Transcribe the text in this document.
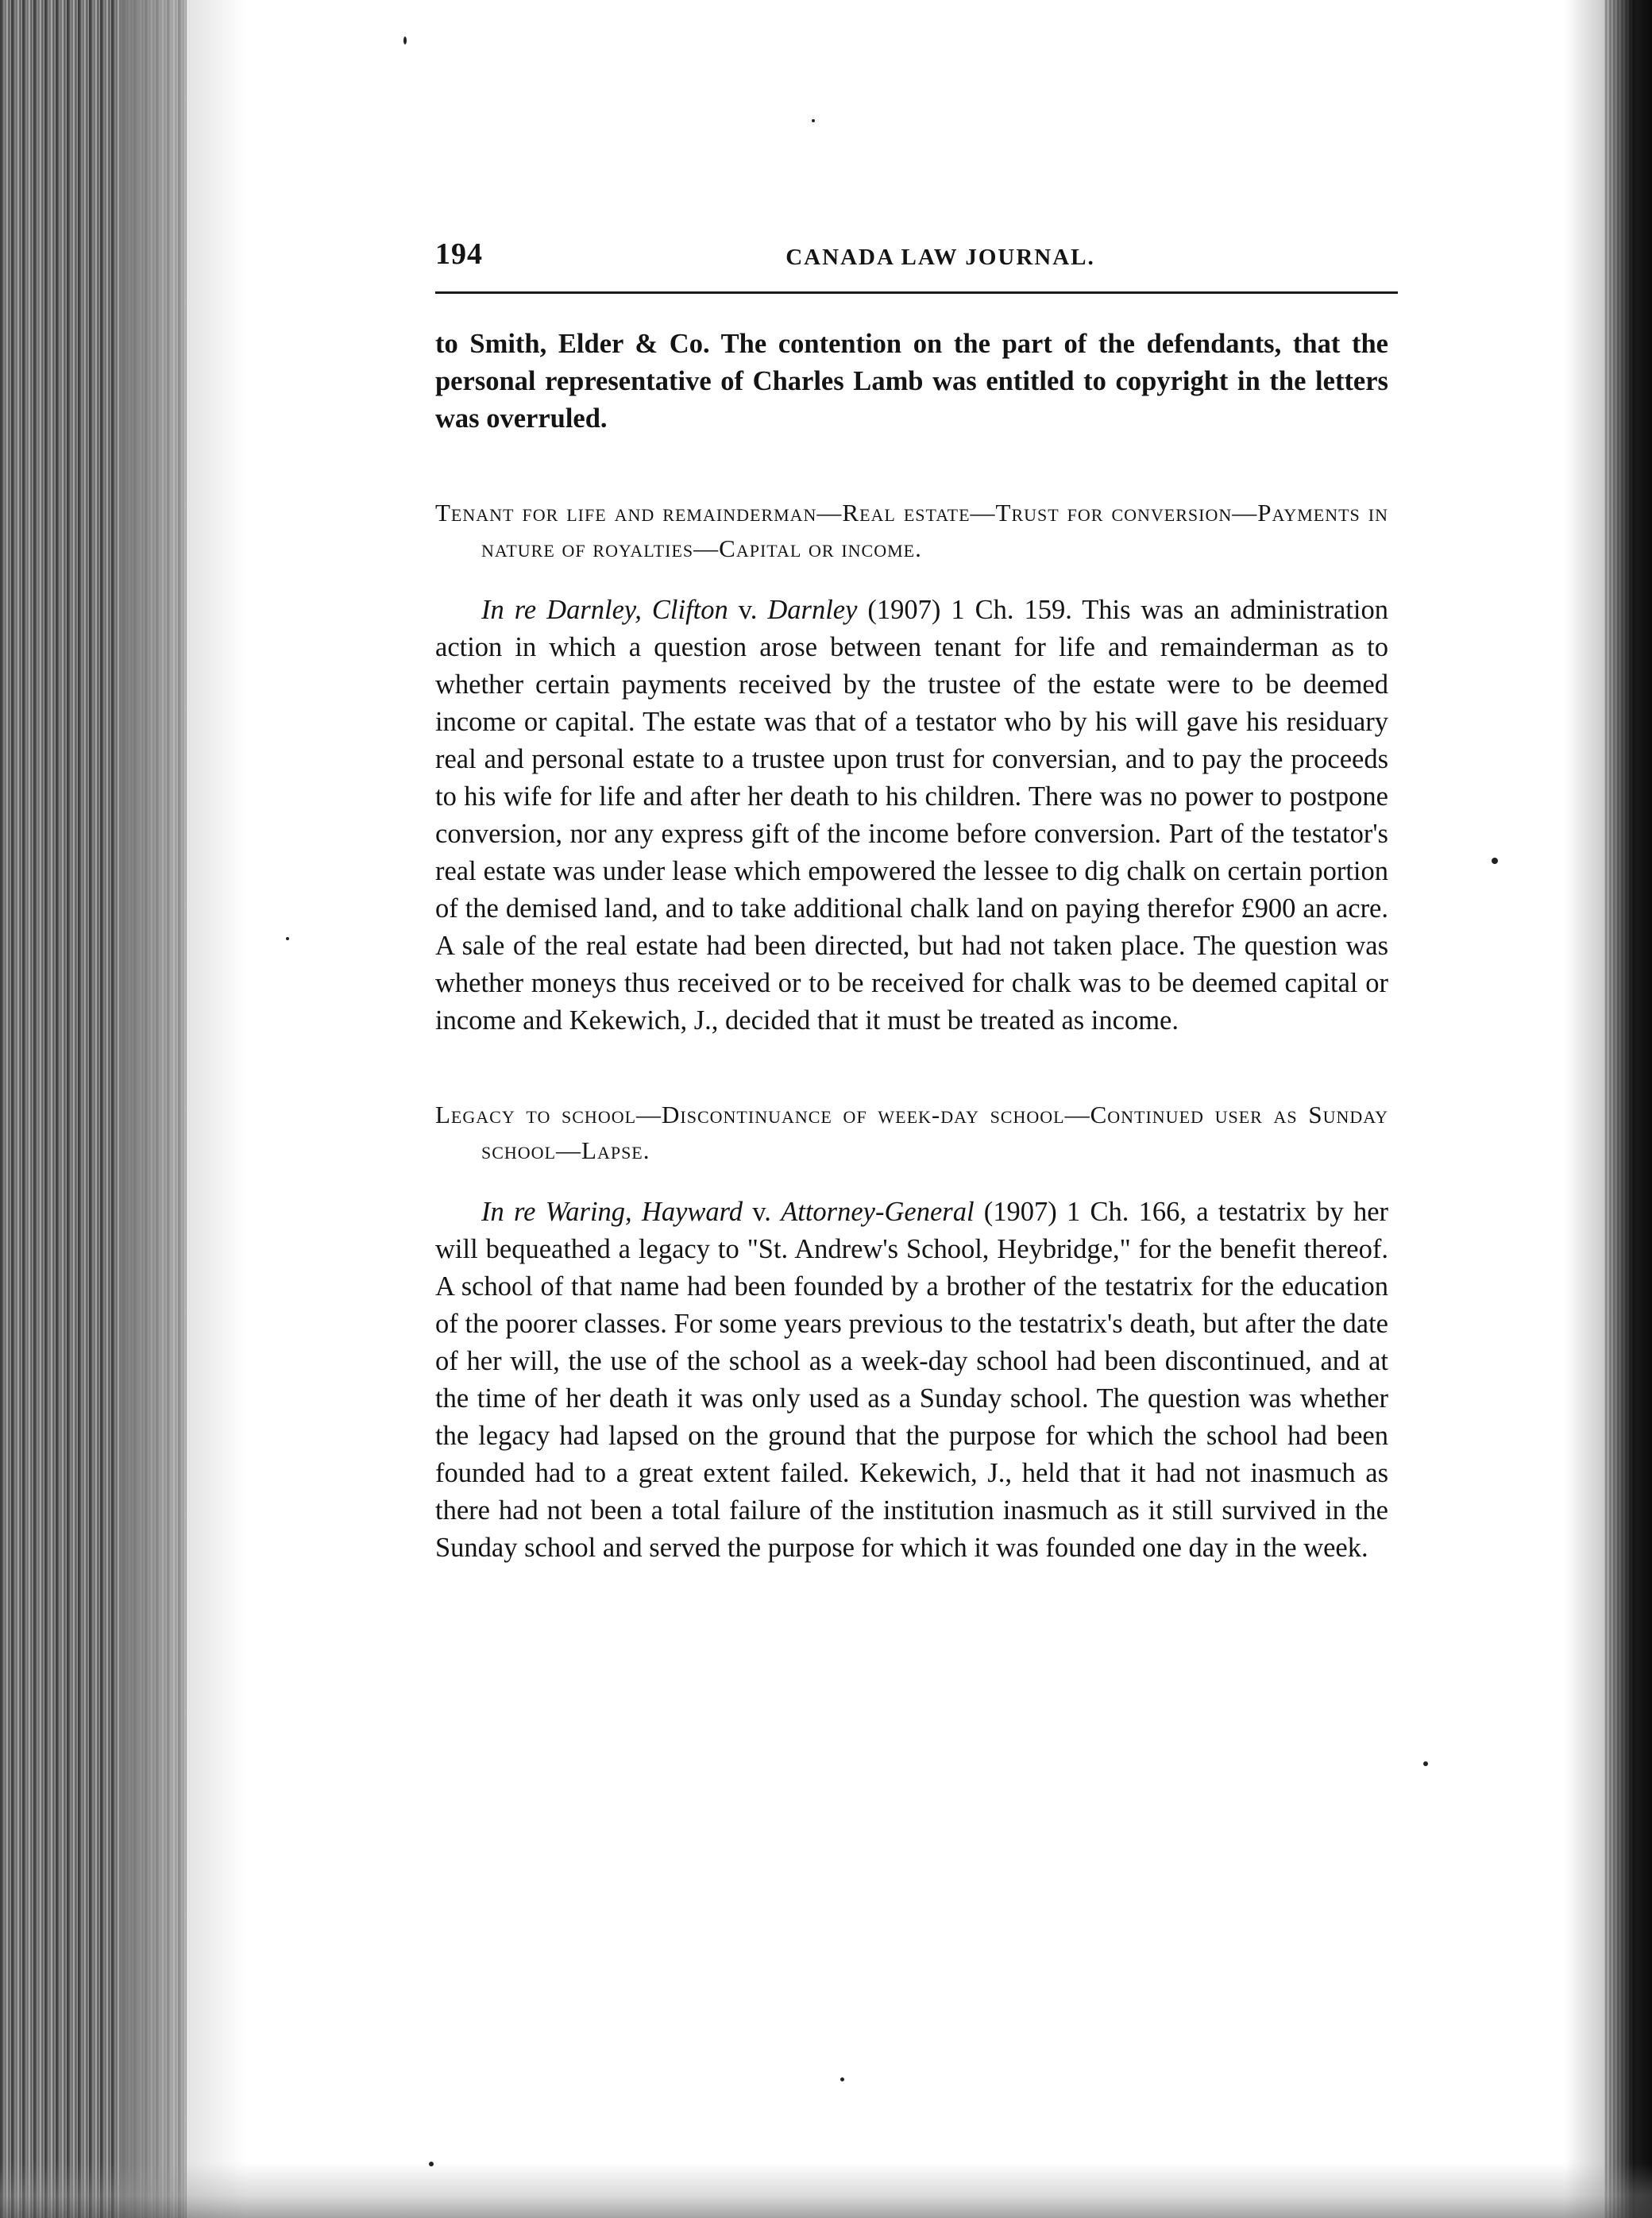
194	CANADA LAW JOURNAL.

to Smith, Elder & Co. The contention on the part of the defendants, that the personal representative of Charles Lamb was entitled to copyright in the letters was overruled.

Tenant for life and remainderman—Real estate—Trust for conversion—Payments in nature of royalties—Capital or income.

In re Darnley, Clifton v. Darnley (1907) 1 Ch. 159. This was an administration action in which a question arose between tenant for life and remainderman as to whether certain payments received by the trustee of the estate were to be deemed income or capital. The estate was that of a testator who by his will gave his residuary real and personal estate to a trustee upon trust for conversian, and to pay the proceeds to his wife for life and after her death to his children. There was no power to postpone conversion, nor any express gift of the income before conversion. Part of the testator's real estate was under lease which empowered the lessee to dig chalk on certain portion of the demised land, and to take additional chalk land on paying therefor £900 an acre. A sale of the real estate had been directed, but had not taken place. The question was whether moneys thus received or to be received for chalk was to be deemed capital or income and Kekewich, J., decided that it must be treated as income.

Legacy to school—Discontinuance of week-day school—Continued user as Sunday school—Lapse.

In re Waring, Hayward v. Attorney-General (1907) 1 Ch. 166, a testatrix by her will bequeathed a legacy to "St. Andrew's School, Heybridge," for the benefit thereof. A school of that name had been founded by a brother of the testatrix for the education of the poorer classes. For some years previous to the testatrix's death, but after the date of her will, the use of the school as a week-day school had been discontinued, and at the time of her death it was only used as a Sunday school. The question was whether the legacy had lapsed on the ground that the purpose for which the school had been founded had to a great extent failed. Kekewich, J., held that it had not inasmuch as there had not been a total failure of the institution inasmuch as it still survived in the Sunday school and served the purpose for which it was founded one day in the week.
